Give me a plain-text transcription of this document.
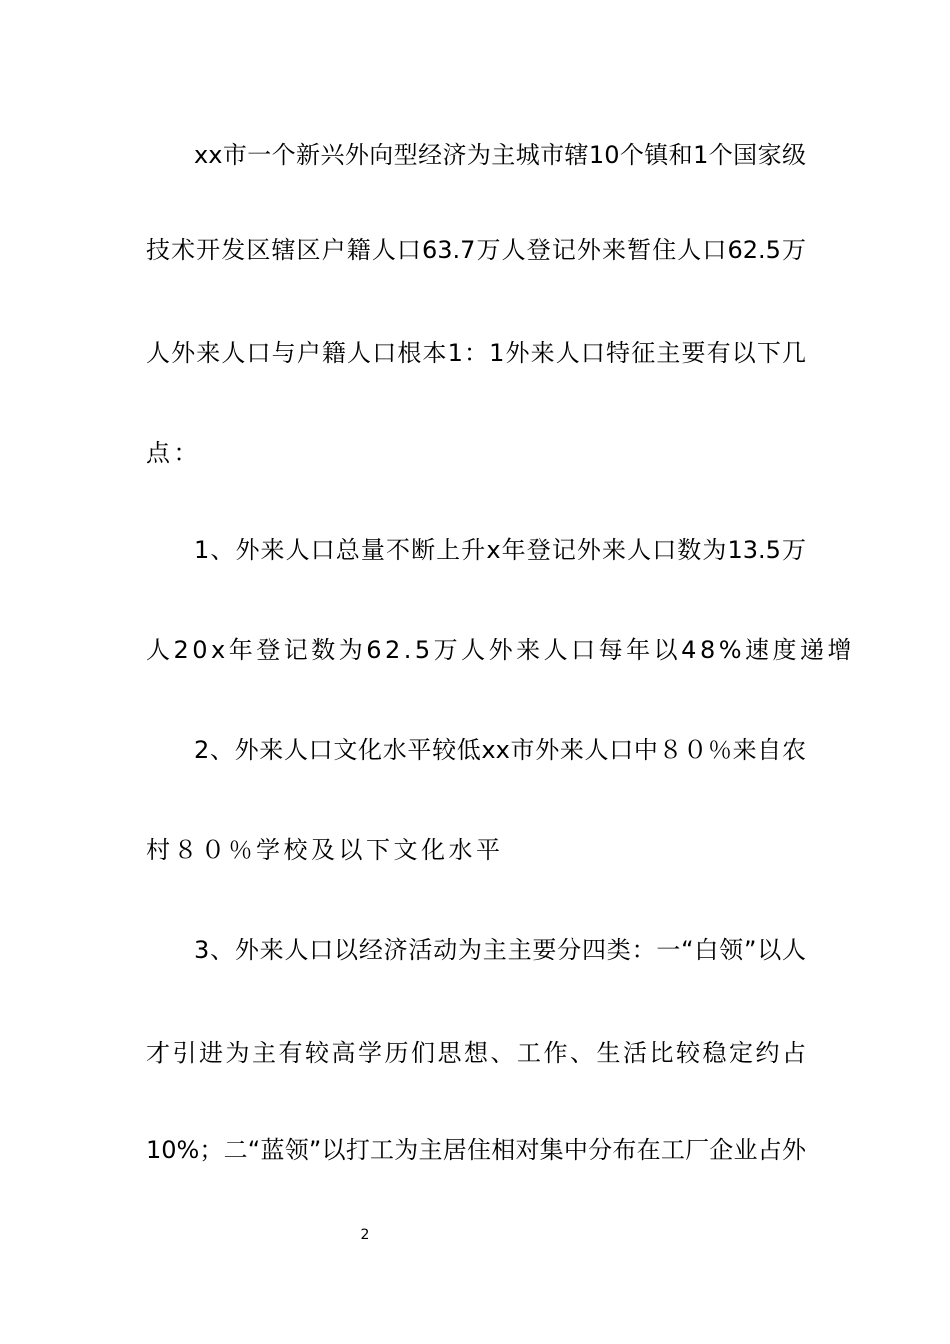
xx市一个新兴外向型经济为主城市辖10个镇和1个国家级
技术开发区辖区户籍人口63.7万人登记外来暂住人口62.5万
人外来人口与户籍人口根本1：1外来人口特征主要有以下几
点：
1、外来人口总量不断上升x年登记外来人口数为13.5万
人20x年登记数为62.5万人外来人口每年以48%速度递增
2、外来人口文化水平较低xx市外来人口中８０％来自农
村８０％学校及以下文化水平
3、外来人口以经济活动为主主要分四类：一“白领”以人
才引进为主有较高学历们思想、工作、生活比较稳定约占
10%；二“蓝领”以打工为主居住相对集中分布在工厂企业占外
2
